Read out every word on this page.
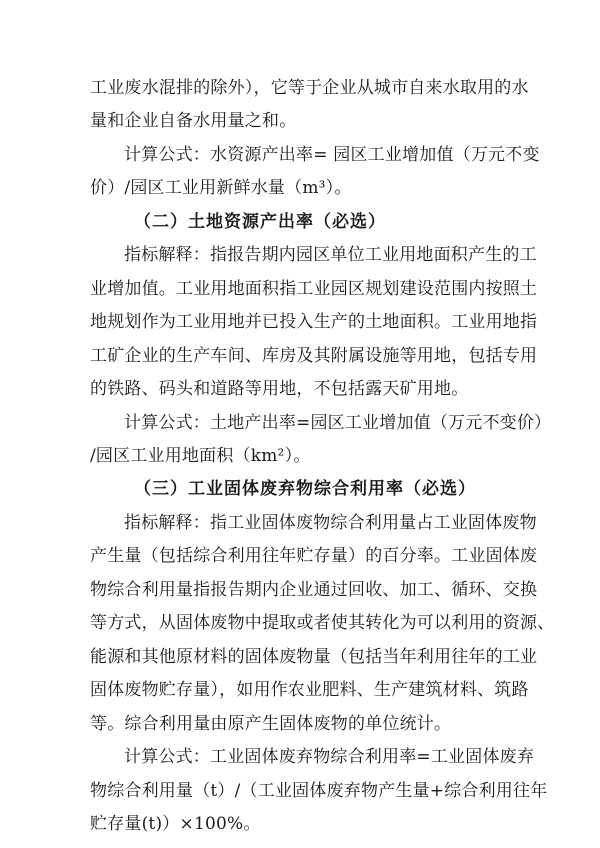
工业废水混排的除外），它等于企业从城市自来水取用的水
量和企业自备水用量之和。
计算公式：水资源产出率= 园区工业增加值（万元不变
价）/园区工业用新鲜水量（m³）。
（二）土地资源产出率（必选）
指标解释：指报告期内园区单位工业用地面积产生的工
业增加值。工业用地面积指工业园区规划建设范围内按照土
地规划作为工业用地并已投入生产的土地面积。工业用地指
工矿企业的生产车间、库房及其附属设施等用地，包括专用
的铁路、码头和道路等用地，不包括露天矿用地。
计算公式：土地产出率=园区工业增加值（万元不变价）
/园区工业用地面积（km²）。
（三）工业固体废弃物综合利用率（必选）
指标解释：指工业固体废物综合利用量占工业固体废物
产生量（包括综合利用往年贮存量）的百分率。工业固体废
物综合利用量指报告期内企业通过回收、加工、循环、交换
等方式，从固体废物中提取或者使其转化为可以利用的资源、
能源和其他原材料的固体废物量（包括当年利用往年的工业
固体废物贮存量），如用作农业肥料、生产建筑材料、筑路
等。综合利用量由原产生固体废物的单位统计。
计算公式：工业固体废弃物综合利用率=工业固体废弃
物综合利用量（t）/（工业固体废弃物产生量+综合利用往年
贮存量(t)）×100%。
